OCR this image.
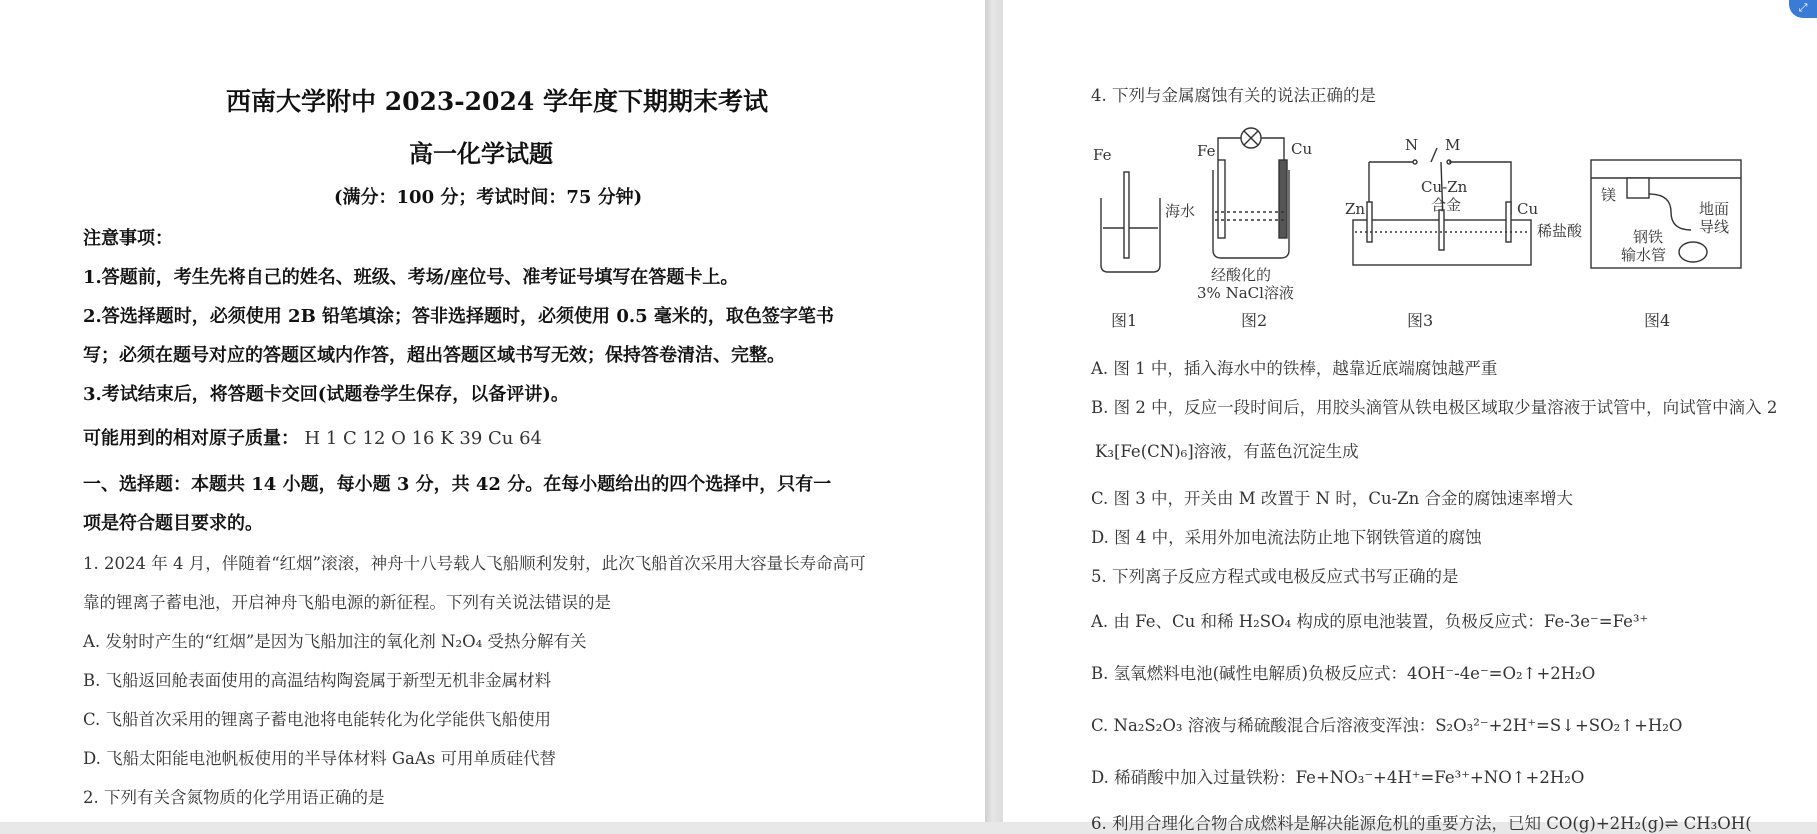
西南大学附中 2023-2024 学年度下期期末考试
高一化学试题
(满分：100 分；考试时间：75 分钟)
注意事项：
1.答题前，考生先将自己的姓名、班级、考场/座位号、准考证号填写在答题卡上。
2.答选择题时，必须使用 2B 铅笔填涂；答非选择题时，必须使用 0.5 毫米的，取色签字笔书
写；必须在题号对应的答题区域内作答，超出答题区域书写无效；保持答卷清洁、完整。
3.考试结束后，将答题卡交回(试题卷学生保存，以备评讲)。
可能用到的相对原子质量： H 1 C 12 O 16 K 39 Cu 64
一、选择题：本题共 14 小题，每小题 3 分，共 42 分。在每小题给出的四个选择中，只有一
项是符合题目要求的。
1. 2024 年 4 月，伴随着“红烟”滚滚，神舟十八号载人飞船顺利发射，此次飞船首次采用大容量长寿命高可
靠的锂离子蓄电池，开启神舟飞船电源的新征程。下列有关说法错误的是
A. 发射时产生的“红烟”是因为飞船加注的氧化剂 N₂O₄ 受热分解有关
B. 飞船返回舱表面使用的高温结构陶瓷属于新型无机非金属材料
C. 飞船首次采用的锂离子蓄电池将电能转化为化学能供飞船使用
D. 飞船太阳能电池帆板使用的半导体材料 GaAs 可用单质硅代替
2. 下列有关含氮物质的化学用语正确的是
4. 下列与金属腐蚀有关的说法正确的是
Fe
海水
Fe	Cu
经酸化的
3% NaCl溶液
N M
Zn
Cu-Zn
合金	Cu
稀盐酸
镁
地面
导线
钢铁
输水管
图1	图2	图3	图4
A. 图 1 中，插入海水中的铁棒，越靠近底端腐蚀越严重
B. 图 2 中，反应一段时间后，用胶头滴管从铁电极区域取少量溶液于试管中，向试管中滴入 2
K₃[Fe(CN)₆]溶液，有蓝色沉淀生成
C. 图 3 中，开关由 M 改置于 N 时，Cu-Zn 合金的腐蚀速率增大
D. 图 4 中，采用外加电流法防止地下钢铁管道的腐蚀
5. 下列离子反应方程式或电极反应式书写正确的是
A. 由 Fe、Cu 和稀 H₂SO₄ 构成的原电池装置，负极反应式：Fe-3e⁻=Fe³⁺
B. 氢氧燃料电池(碱性电解质)负极反应式：4OH⁻-4e⁻=O₂↑+2H₂O
C. Na₂S₂O₃ 溶液与稀硫酸混合后溶液变浑浊：S₂O₃²⁻+2H⁺=S↓+SO₂↑+H₂O
D. 稀硝酸中加入过量铁粉：Fe+NO₃⁻+4H⁺=Fe³⁺+NO↑+2H₂O
6. 利用合理化合物合成燃料是解决能源危机的重要方法，已知 CO(g)+2H₂(g)⇌ CH₃OH(
⤢
